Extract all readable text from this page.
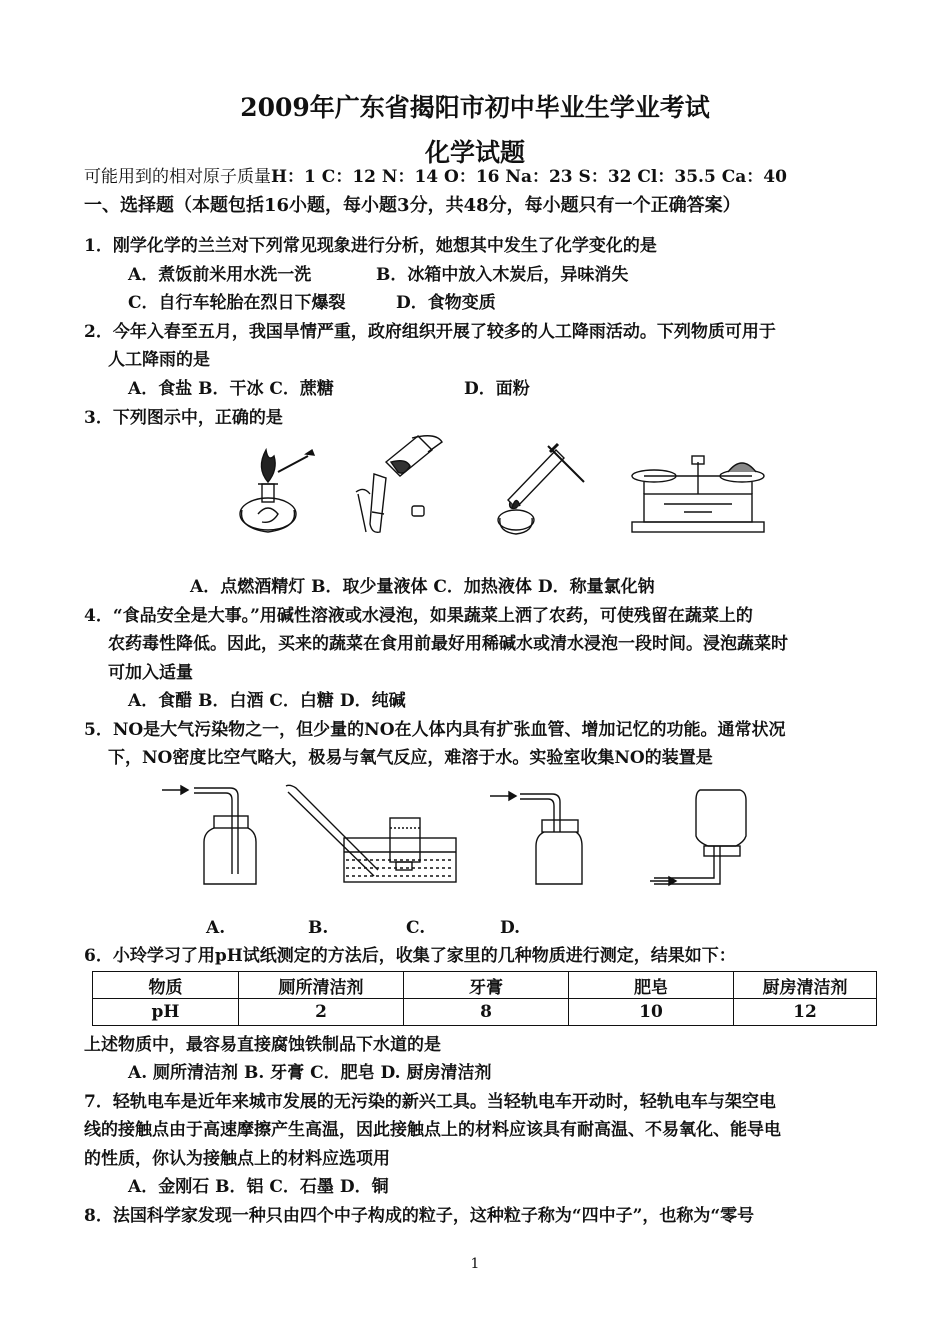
2009年广东省揭阳市初中毕业生学业考试
化学试题
可能用到的相对原子质量H：1 C：12 N：14 O：16 Na：23 S：32 Cl：35.5 Ca：40
一、选择题（本题包括16小题，每小题3分，共48分，每小题只有一个正确答案）
1．刚学化学的兰兰对下列常见现象进行分析，她想其中发生了化学变化的是
A．煮饭前米用水洗一洗	B．冰箱中放入木炭后，异味消失
C．自行车轮胎在烈日下爆裂	D．食物变质
2．今年入春至五月，我国旱情严重，政府组织开展了较多的人工降雨活动。下列物质可用于
人工降雨的是
A．食盐 B．干冰 C．蔗糖	D．面粉
3．下列图示中，正确的是
A．点燃酒精灯 B．取少量液体 C．加热液体 D．称量氯化钠
4．“食品安全是大事。”用碱性溶液或水浸泡，如果蔬菜上洒了农药，可使残留在蔬菜上的
农药毒性降低。因此，买来的蔬菜在食用前最好用稀碱水或清水浸泡一段时间。浸泡蔬菜时
可加入适量
A．食醋 B．白酒 C．白糖 D．纯碱
5．NO是大气污染物之一，但少量的NO在人体内具有扩张血管、增加记忆的功能。通常状况
下，NO密度比空气略大，极易与氧气反应，难溶于水。实验室收集NO的装置是
A.	B.	C.	D.
6．小玲学习了用pH试纸测定的方法后，收集了家里的几种物质进行测定，结果如下：
物质	厕所清洁剂	牙膏	肥皂	厨房清洁剂
pH	2	8	10	12
上述物质中，最容易直接腐蚀铁制品下水道的是
A. 厕所清洁剂 B. 牙膏 C．肥皂 D. 厨房清洁剂
7．轻轨电车是近年来城市发展的无污染的新兴工具。当轻轨电车开动时，轻轨电车与架空电
线的接触点由于高速摩擦产生高温，因此接触点上的材料应该具有耐高温、不易氧化、能导电
的性质，你认为接触点上的材料应选项用
A．金刚石 B．铝 C．石墨 D．铜
8．法国科学家发现一种只由四个中子构成的粒子，这种粒子称为“四中子”，也称为“零号
1
